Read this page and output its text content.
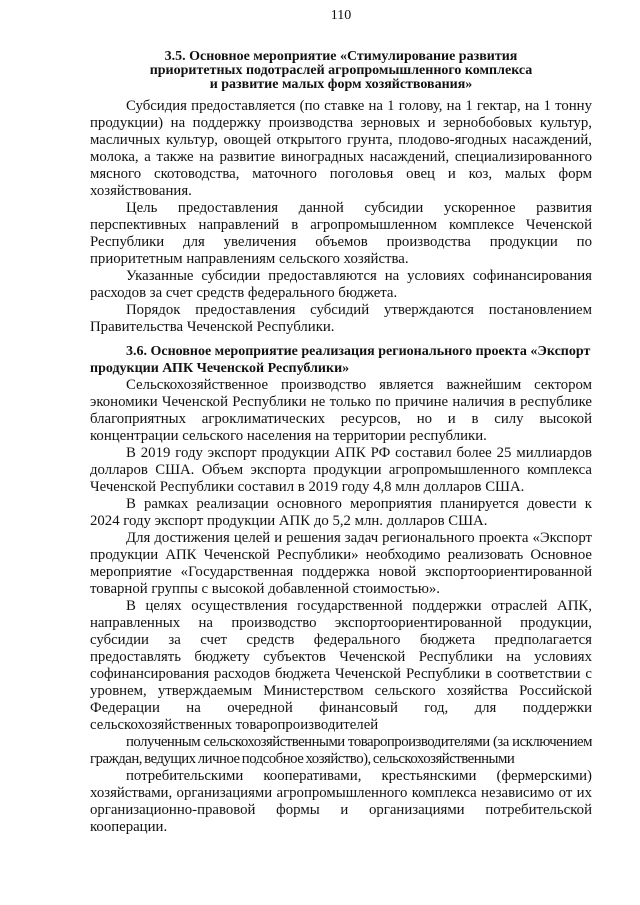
110
3.5. Основное мероприятие «Стимулирование развития
приоритетных подотраслей агропромышленного комплекса
и развитие малых форм хозяйствования»

Субсидия предоставляется (по ставке на 1 голову, на 1 гектар, на 1 тонну продукции) на поддержку производства зерновых и зернобобовых культур, масличных культур, овощей открытого грунта, плодово-ягодных насаждений, молока, а также на развитие виноградных насаждений, специализированного мясного скотоводства, маточного поголовья овец и коз, малых форм хозяйствования.

Цель предоставления данной субсидии ускоренное развития перспективных направлений в агропромышленном комплексе Чеченской Республики для увеличения объемов производства продукции по приоритетным направлениям сельского хозяйства.

Указанные субсидии предоставляются на условиях софинансирования расходов за счет средств федерального бюджета.

Порядок предоставления субсидий утверждаются постановлением Правительства Чеченской Республики.

3.6. Основное мероприятие реализация регионального проекта «Экспорт продукции АПК Чеченской Республики»

Сельскохозяйственное производство является важнейшим сектором экономики Чеченской Республики не только по причине наличия в республике благоприятных агроклиматических ресурсов, но и в силу высокой концентрации сельского населения на территории республики.

В 2019 году экспорт продукции АПК РФ составил более 25 миллиардов долларов США. Объем экспорта продукции агропромышленного комплекса Чеченской Республики составил в 2019 году 4,8 млн долларов США.

В рамках реализации основного мероприятия планируется довести к 2024 году экспорт продукции АПК до 5,2 млн. долларов США.

Для достижения целей и решения задач регионального проекта «Экспорт продукции АПК Чеченской Республики» необходимо реализовать Основное мероприятие «Государственная поддержка новой экспортоориентированной товарной группы с высокой добавленной стоимостью».

В целях осуществления государственной поддержки отраслей АПК, направленных на производство экспортоориентированной продукции, субсидии за счет средств федерального бюджета предполагается предоставлять бюджету субъектов Чеченской Республики на условиях софинансирования расходов бюджета Чеченской Республики в соответствии с уровнем, утверждаемым Министерством сельского хозяйства Российской Федерации на очередной финансовый год, для поддержки сельскохозяйственных товаропроизводителей

полученным сельскохозяйственными товаропроизводителями (за исключением граждан, ведущих личное подсобное хозяйство), сельскохозяйственными

потребительскими кооперативами, крестьянскими (фермерскими) хозяйствами, организациями агропромышленного комплекса независимо от их организационно-правовой формы и организациями потребительской кооперации.
